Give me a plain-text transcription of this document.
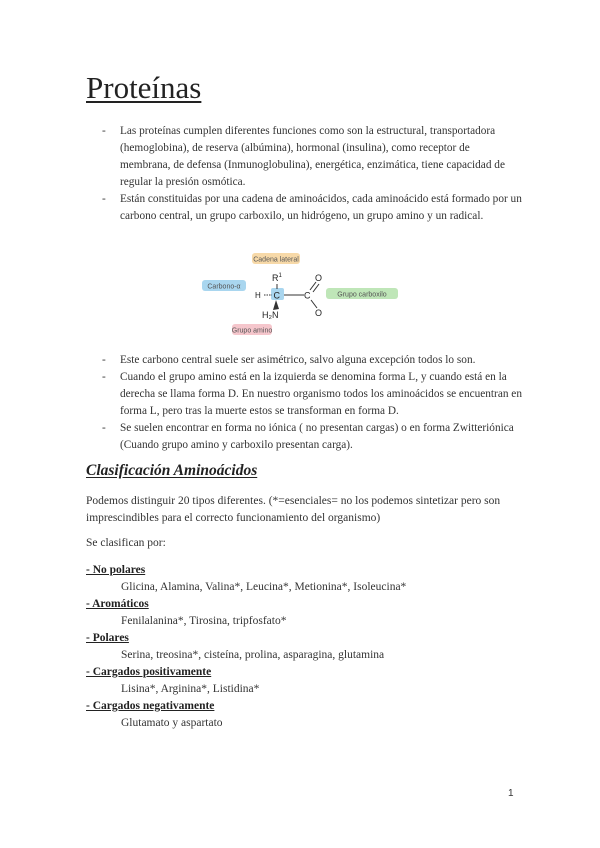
Proteínas
- Las proteínas cumplen diferentes funciones como son la estructural, transportadora (hemoglobina), de reserva (albúmina), hormonal (insulina), como receptor de membrana, de defensa (Inmunoglobulina), energética, enzimática, tiene capacidad de regular la presión osmótica.
- Están constituidas por una cadena de aminoácidos, cada aminoácido está formado por un carbono central, un grupo carboxilo, un hidrógeno, un grupo amino y un radical.
Cadena lateral
Carbono-α
Grupo carboxilo
Grupo amino
$R^1$
H C	C
O
O
H₂N
- Este carbono central suele ser asimétrico, salvo alguna excepción todos lo son.
- Cuando el grupo amino está en la izquierda se denomina forma L, y cuando está en la derecha se llama forma D. En nuestro organismo todos los aminoácidos se encuentran en forma L, pero tras la muerte estos se transforman en forma D.
- Se suelen encontrar en forma no iónica ( no presentan cargas) o en forma Zwitteriónica (Cuando grupo amino y carboxilo presentan carga).
Clasificación Aminoácidos

Podemos distinguir 20 tipos diferentes. (*=esenciales= no los podemos sintetizar pero son imprescindibles para el correcto funcionamiento del organismo)

Se clasifican por:

- No polares
Glicina, Alamina, Valina*, Leucina*, Metionina*, Isoleucina*
- Aromáticos
Fenilalanina*, Tirosina, tripfosfato*
- Polares
Serina, treosina*, cisteína, prolina, asparagina, glutamina
- Cargados positivamente
Lisina*, Arginina*, Listidina*
- Cargados negativamente
Glutamato y aspartato
1
